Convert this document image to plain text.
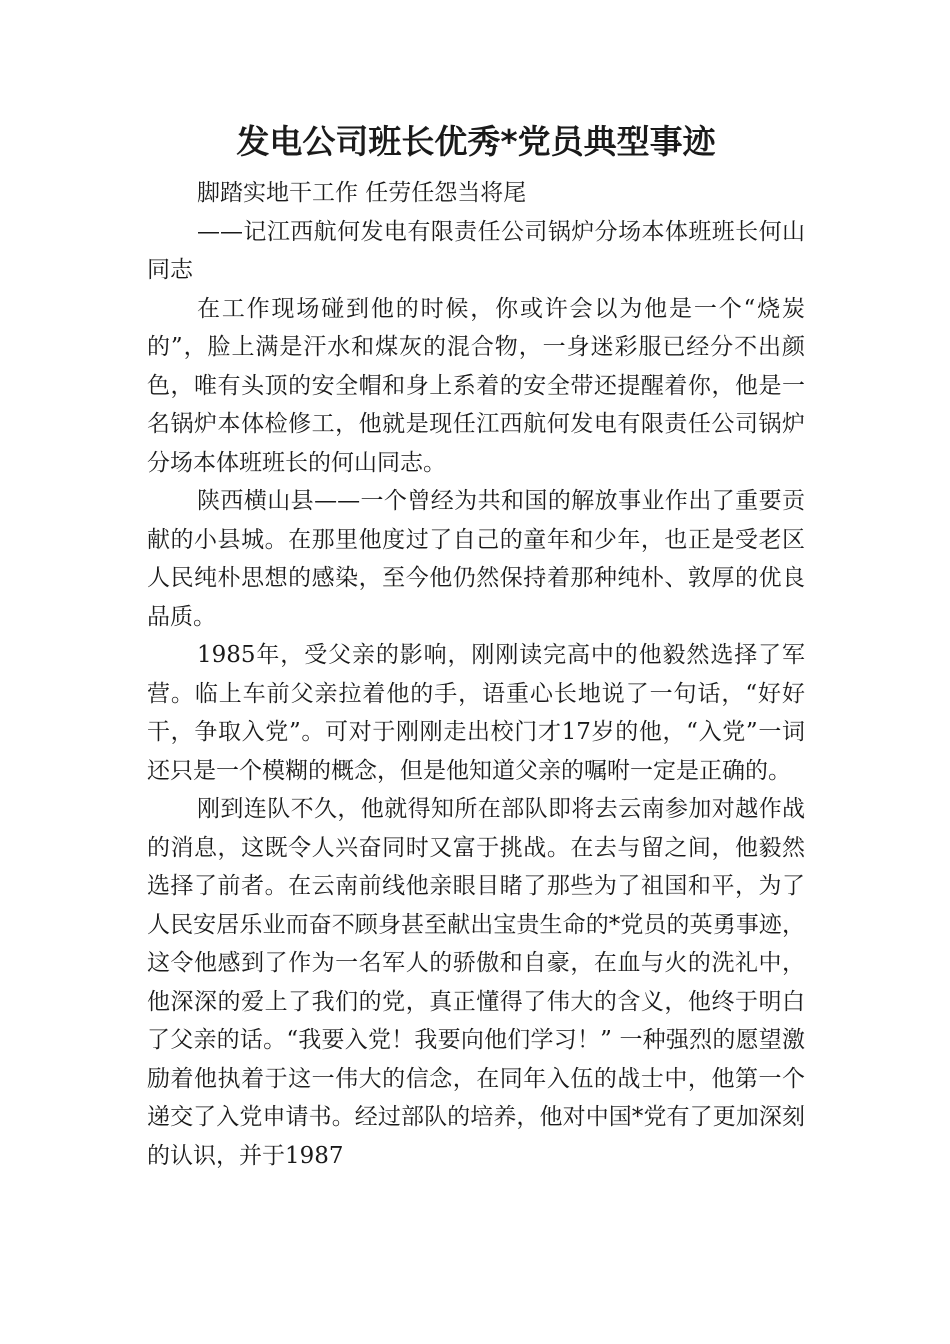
发电公司班长优秀*党员典型事迹

脚踏实地干工作 任劳任怨当将尾

——记江西航何发电有限责任公司锅炉分场本体班班长何山同志

在工作现场碰到他的时候，你或许会以为他是一个“烧炭的”，脸上满是汗水和煤灰的混合物，一身迷彩服已经分不出颜色，唯有头顶的安全帽和身上系着的安全带还提醒着你，他是一名锅炉本体检修工，他就是现任江西航何发电有限责任公司锅炉分场本体班班长的何山同志。

陕西横山县——一个曾经为共和国的解放事业作出了重要贡献的小县城。在那里他度过了自己的童年和少年，也正是受老区人民纯朴思想的感染，至今他仍然保持着那种纯朴、敦厚的优良品质。

1985年，受父亲的影响，刚刚读完高中的他毅然选择了军营。临上车前父亲拉着他的手，语重心长地说了一句话，“好好干，争取入党”。可对于刚刚走出校门才17岁的他，“入党”一词还只是一个模糊的概念，但是他知道父亲的嘱咐一定是正确的。

刚到连队不久，他就得知所在部队即将去云南参加对越作战的消息，这既令人兴奋同时又富于挑战。在去与留之间，他毅然选择了前者。在云南前线他亲眼目睹了那些为了祖国和平，为了人民安居乐业而奋不顾身甚至献出宝贵生命的*党员的英勇事迹，这令他感到了作为一名军人的骄傲和自豪，在血与火的洗礼中，他深深的爱上了我们的党，真正懂得了伟大的含义，他终于明白了父亲的话。“我要入党！我要向他们学习！” 一种强烈的愿望激励着他执着于这一伟大的信念，在同年入伍的战士中，他第一个递交了入党申请书。经过部队的培养，他对中国*党有了更加深刻的认识，并于1987
